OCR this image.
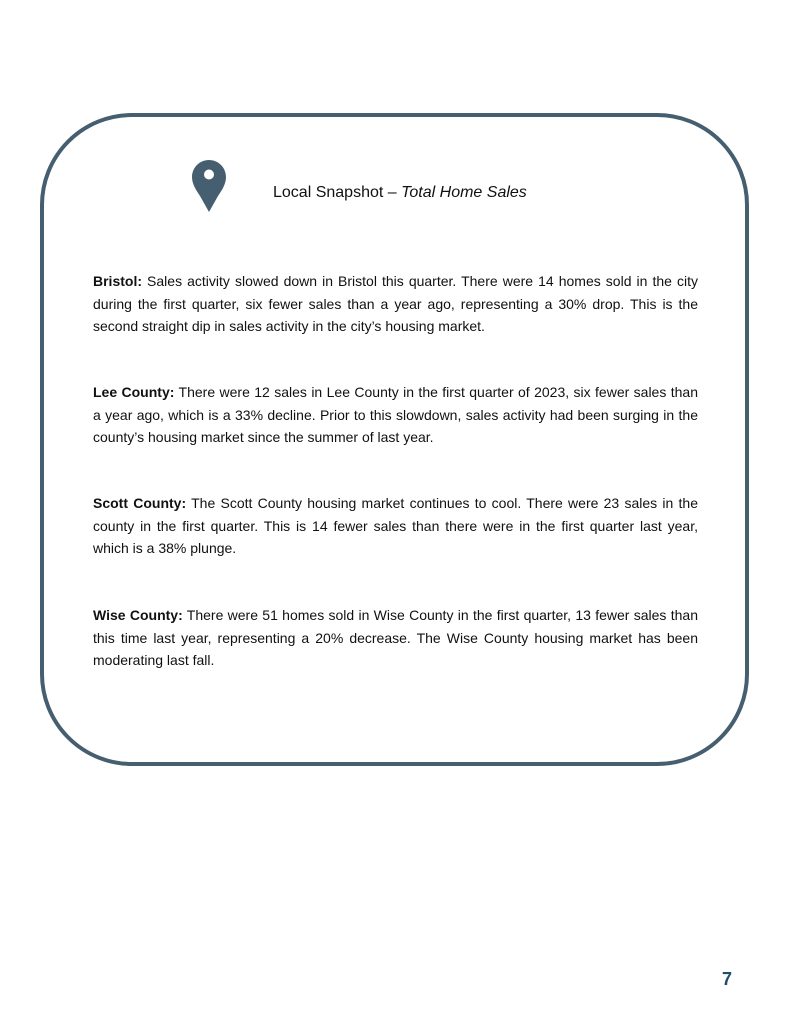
Local Snapshot – Total Home Sales

Bristol: Sales activity slowed down in Bristol this quarter. There were 14 homes sold in the city during the first quarter, six fewer sales than a year ago, representing a 30% drop. This is the second straight dip in sales activity in the city’s housing market.

Lee County: There were 12 sales in Lee County in the first quarter of 2023, six fewer sales than a year ago, which is a 33% decline. Prior to this slowdown, sales activity had been surging in the county’s housing market since the summer of last year.

Scott County: The Scott County housing market continues to cool. There were 23 sales in the county in the first quarter. This is 14 fewer sales than there were in the first quarter last year, which is a 38% plunge.

Wise County: There were 51 homes sold in Wise County in the first quarter, 13 fewer sales than this time last year, representing a 20% decrease. The Wise County housing market has been moderating last fall.

7
